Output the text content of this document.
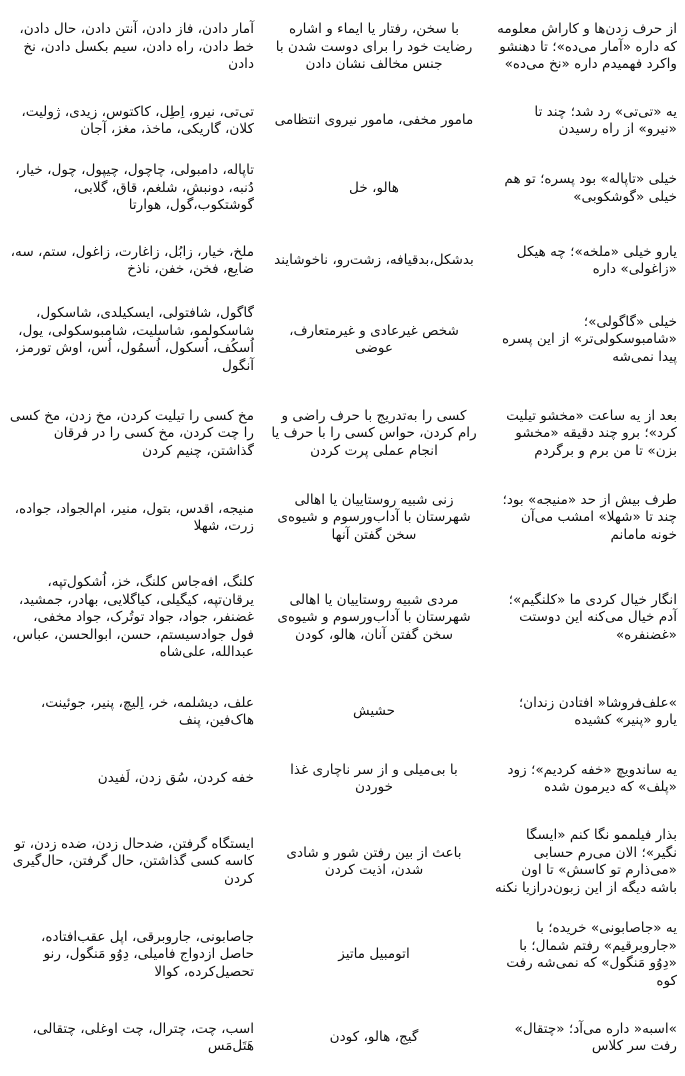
از حرف زدن‌ها و کاراش معلومه که داره «آمار می‌ده»؛ تا دهنشو واکرد فهمیدم داره «نخ می‌ده»	با سخن، رفتار یا ایماء و اشاره رضایت خود را برای دوست شدن با جنس مخالف نشان دادن	آمار دادن، فاز دادن، آنتن دادن، حال دادن، خط دادن، راه دادن، سیم بکسل دادن، نخ دادن
یه «تی‌تی» رد شد؛ چند تا «نیرو» از راه رسیدن	مامور مخفی، مامور نیروی انتظامی	تی‌تی، نیرو، اِطِل، کاکتوس، زیدی، ژولیت، کلان، گاریکی، ماخذ، مغز، آجان
خیلی «تاپاله» بود پسره؛ تو هم خیلی «گوشکوبی»	هالو، خل	تاپاله، دامبولی، چاچول، چیپول، چول، خیار، دُنبه، دونبش، شلغم، قاق، گلابی، گوشتکوب،گول، هوارتا
یارو خیلی «ملخه»؛ چه هیکل «زاغولی» داره	بدشکل،بدقیافه، زشت‌رو، ناخوشایند	ملخ، خیار، زابُل، زاغارت، زاغول، ستم، سه، ضایع، فخن، خفن، ناذخ
خیلی «گاگولی»؛ «شامبوسکولی‌تر» از این پسره پیدا نمی‌شه	شخص غیرعادی و غیرمتعارف، عوضی	گاگول، شافتولی، ایسکیلدی، شاسکول، شاسکولمو، شاسلیت، شامبوسکولی، یول، اُسکُف، اُسکول، اُسمُول، اُس، اوش تورمز، آنگول
بعد از یه ساعت «مخشو تیلیت کرد»؛ برو چند دقیقه «مخشو بزن» تا من برم و برگردم	کسی را به‌تدریج با حرف راضی و رام کردن، حواس کسی را با حرف یا انجام عملی پرت کردن	مخ کسی را تیلیت کردن، مخ زدن، مخ کسی را چت کردن، مخ کسی را در فرقان گذاشتن، چنیم کردن
طرف بیش از حد «منیجه» بود؛ چند تا «شهلا» امشب می‌آن خونه مامانم	زنی شبیه روستاییان یا اهالی شهرستان با آداب‌ورسوم و شیوه‌ی سخن گفتن آنها	منیجه، اقدس، بتول، منیر، ام‌الجواد، جواده، زرت، شهلا
انگار خیال کردی ما «کلنگیم»؛ آدم خیال می‌کنه این دوستت «غضنفره»	مردی شبیه روستاییان یا اهالی شهرستان با آداب‌ورسوم و شیوه‌ی سخن گفتن آنان، هالو، کودن	کلنگ، افه‌جاس کلنگ، خز، اُشکول‌تپه، یرقان‌تپه، کیگیلی، کیاگلایی، بهادر، جمشید، غضنفر، جواد، جواد توتُرک، جواد مخفی، فول جوادسیستم، حسن، ابوالحسن، عباس، عبدالله، علی‌شاه
»علف‌فروشا« افتادن زندان؛ یارو «پنیر» کشیده	حشیش	علف، دیشلمه، خر، اِلیچ، پنیر، جوئینت، هاک‌فین، پنف
یه ساندویچ «خفه کردیم»؛ زود «پلف» که دیرمون شده	با بی‌میلی و از سر ناچاری غذا خوردن	خفه کردن، سُق زدن، لَفیدن
بذار فیلممو نگا کنم «ایسگا نگیر»؛ الان می‌رم حسابی «می‌ذارم تو کاسش» تا اون باشه دیگه از این زبون‌درازیا نکنه	باعث از بین رفتن شور و شادی شدن، اذیت کردن	ایستگاه گرفتن، ضدحال زدن، ضده زدن، تو کاسه کسی گذاشتن، حال گرفتن، حال‌گیری کردن
یه «جاصابونی» خریده؛ با «جاروبرقیم» رفتم شمال؛ با «دِوُو مَنگول» که نمی‌شه رفت کوه	اتومبیل ماتیز	جاصابونی، جاروبرقی، اپل عقب‌افتاده، حاصل ازدواج فامیلی، دِوُو مَنگول، رنو تحصیل‌کرده، کوالا
»اسبه« داره می‌آد؛ «چتقال» رفت سر کلاس	گیج، هالو، کودن	اسب، چت، چترال، چت اوغلی، چتقالی، هَتَل‌مَس
